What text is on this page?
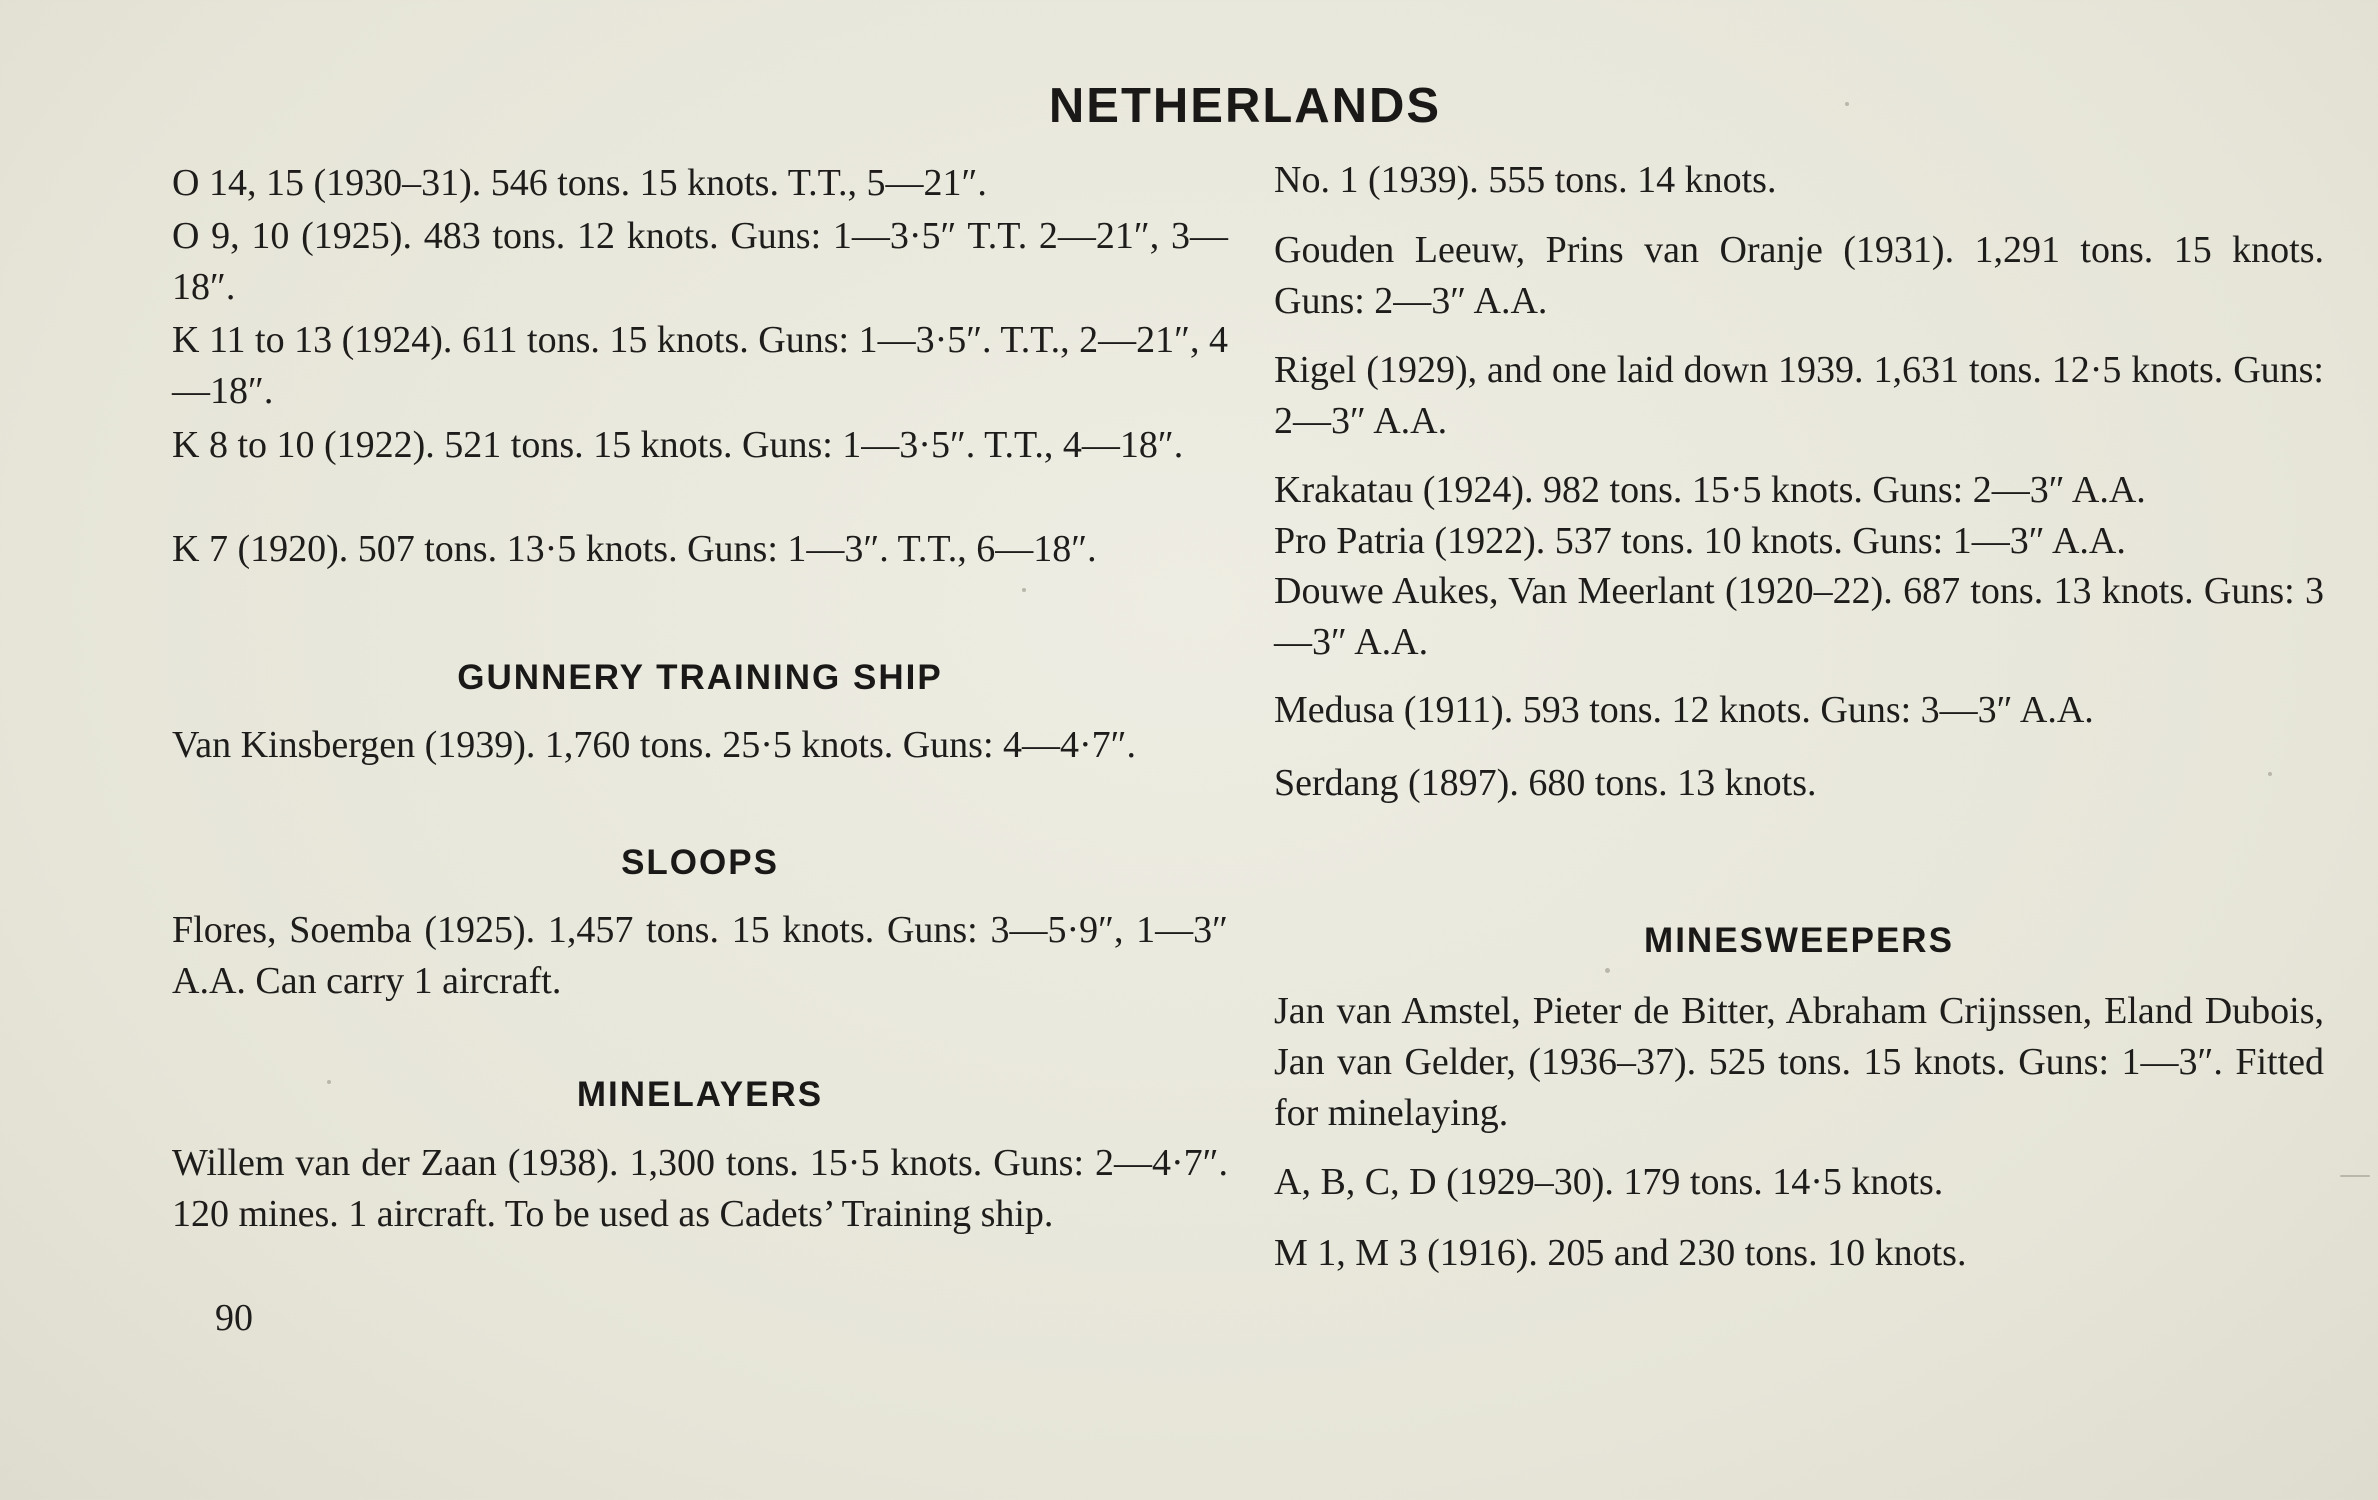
NETHERLANDS

O 14, 15 (1930–31). 546 tons. 15 knots. T.T., 5—21″.

O 9, 10 (1925). 483 tons. 12 knots. Guns: 1—3·5″ T.T. 2—21″, 3—18″.

K 11 to 13 (1924). 611 tons. 15 knots. Guns: 1—3·5″. T.T., 2—21″, 4—18″.

K 8 to 10 (1922). 521 tons. 15 knots. Guns: 1—3·5″. T.T., 4—18″.

K 7 (1920). 507 tons. 13·5 knots. Guns: 1—3″. T.T., 6—18″.

GUNNERY TRAINING SHIP

Van Kinsbergen (1939). 1,760 tons. 25·5 knots. Guns: 4—4·7″.

SLOOPS

Flores, Soemba (1925). 1,457 tons. 15 knots. Guns: 3—5·9″, 1—3″ A.A. Can carry 1 aircraft.

MINELAYERS

Willem van der Zaan (1938). 1,300 tons. 15·5 knots. Guns: 2—4·7″. 120 mines. 1 aircraft. To be used as Cadets’ Training ship.

No. 1 (1939). 555 tons. 14 knots.

Gouden Leeuw, Prins van Oranje (1931). 1,291 tons. 15 knots. Guns: 2—3″ A.A.

Rigel (1929), and one laid down 1939. 1,631 tons. 12·5 knots. Guns: 2—3″ A.A.

Krakatau (1924). 982 tons. 15·5 knots. Guns: 2—3″ A.A.

Pro Patria (1922). 537 tons. 10 knots. Guns: 1—3″ A.A.

Douwe Aukes, Van Meerlant (1920–22). 687 tons. 13 knots. Guns: 3—3″ A.A.

Medusa (1911). 593 tons. 12 knots. Guns: 3—3″ A.A.

Serdang (1897). 680 tons. 13 knots.

MINESWEEPERS

Jan van Amstel, Pieter de Bitter, Abraham Crijnssen, Eland Dubois, Jan van Gelder, (1936–37). 525 tons. 15 knots. Guns: 1—3″. Fitted for minelaying.

A, B, C, D (1929–30). 179 tons. 14·5 knots.

M 1, M 3 (1916). 205 and 230 tons. 10 knots.

90
